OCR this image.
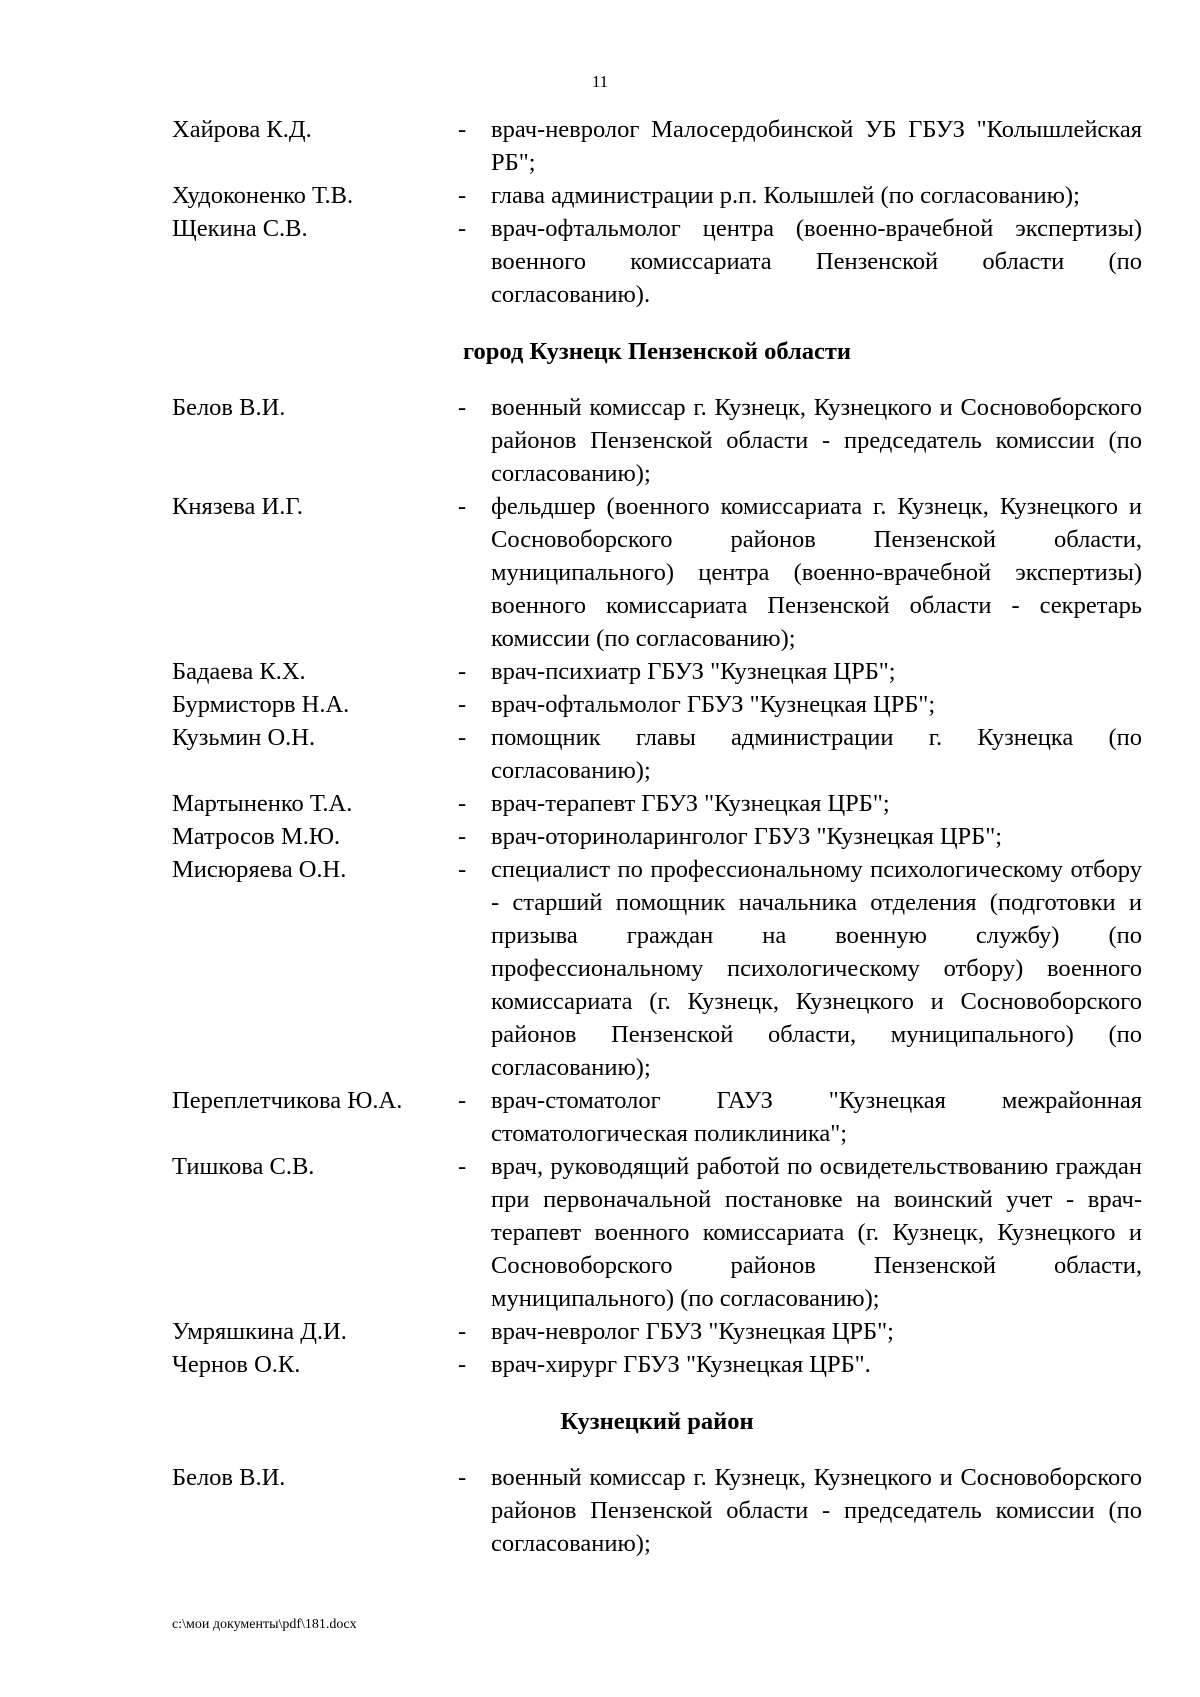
11
Хайрова К.Д.	-	врач-невролог Малосердобинской УБ ГБУЗ "Колышлейская РБ";
Худоконенко Т.В.	-	глава администрации р.п. Колышлей (по согласованию);
Щекина С.В.	-	врач-офтальмолог центра (военно-врачебной экспертизы) военного комиссариата Пензенской области (по согласованию).
город Кузнецк Пензенской области
Белов В.И.	-	военный комиссар г. Кузнецк, Кузнецкого и Сосновоборского районов Пензенской области - председатель комиссии (по согласованию);
Князева И.Г.	-	фельдшер (военного комиссариата г. Кузнецк, Кузнецкого и Сосновоборского районов Пензенской области, муниципального) центра (военно-врачебной экспертизы) военного комиссариата Пензенской области - секретарь комиссии (по согласованию);
Бадаева К.Х.	-	врач-психиатр ГБУЗ "Кузнецкая ЦРБ";
Бурмисторв Н.А.	-	врач-офтальмолог ГБУЗ "Кузнецкая ЦРБ";
Кузьмин О.Н.	-	помощник главы администрации г. Кузнецка (по согласованию);
Мартыненко Т.А.	-	врач-терапевт ГБУЗ "Кузнецкая ЦРБ";
Матросов М.Ю.	-	врач-оториноларинголог ГБУЗ "Кузнецкая ЦРБ";
Мисюряева О.Н.	-	специалист по профессиональному психологическому отбору - старший помощник начальника отделения (подготовки и призыва граждан на военную службу) (по профессиональному психологическому отбору) военного комиссариата (г. Кузнецк, Кузнецкого и Сосновоборского районов Пензенской области, муниципального) (по согласованию);
Переплетчикова Ю.А.	-	врач-стоматолог ГАУЗ "Кузнецкая межрайонная стоматологическая поликлиника";
Тишкова С.В.	-	врач, руководящий работой по освидетельствованию граждан при первоначальной постановке на воинский учет - врач-терапевт военного комиссариата (г. Кузнецк, Кузнецкого и Сосновоборского районов Пензенской области, муниципального) (по согласованию);
Умряшкина Д.И.	-	врач-невролог ГБУЗ "Кузнецкая ЦРБ";
Чернов О.К.	-	врач-хирург ГБУЗ "Кузнецкая ЦРБ".
Кузнецкий район
Белов В.И.	-	военный комиссар г. Кузнецк, Кузнецкого и Сосновоборского районов Пензенской области - председатель комиссии (по согласованию);
c:\мои документы\pdf\181.docx
